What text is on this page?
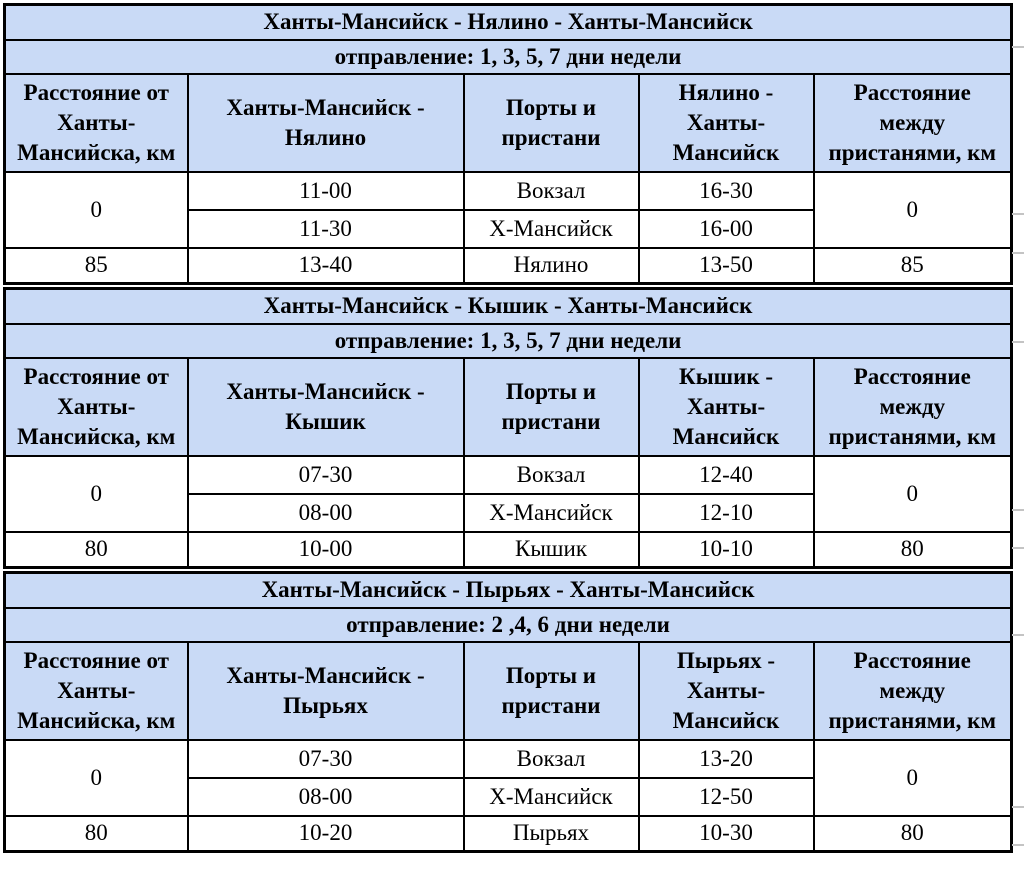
Ханты-Мансийск - Нялино - Ханты-Мансийск				
отправление: 1, 3, 5, 7 дни недели				
Расстояние от Ханты-Мансийска, км	Ханты-Мансийск - Нялино	Порты и пристани	Нялино - Ханты-Мансийск	Расстояние между пристанями, км
0	11-00	Вокзал	16-30	0
	11-30	Х-Мансийск	16-00	
85	13-40	Нялино	13-50	85
Ханты-Мансийск - Кышик - Ханты-Мансийск				
отправление: 1, 3, 5, 7 дни недели				
Расстояние от Ханты-Мансийска, км	Ханты-Мансийск - Кышик	Порты и пристани	Кышик - Ханты-Мансийск	Расстояние между пристанями, км
0	07-30	Вокзал	12-40	0
	08-00	Х-Мансийск	12-10	
80	10-00	Кышик	10-10	80
Ханты-Мансийск - Пырьях - Ханты-Мансийск				
отправление: 2 ,4, 6 дни недели				
Расстояние от Ханты-Мансийска, км	Ханты-Мансийск - Пырьях	Порты и пристани	Пырьях - Ханты-Мансийск	Расстояние между пристанями, км
0	07-30	Вокзал	13-20	0
	08-00	Х-Мансийск	12-50	
80	10-20	Пырьях	10-30	80
